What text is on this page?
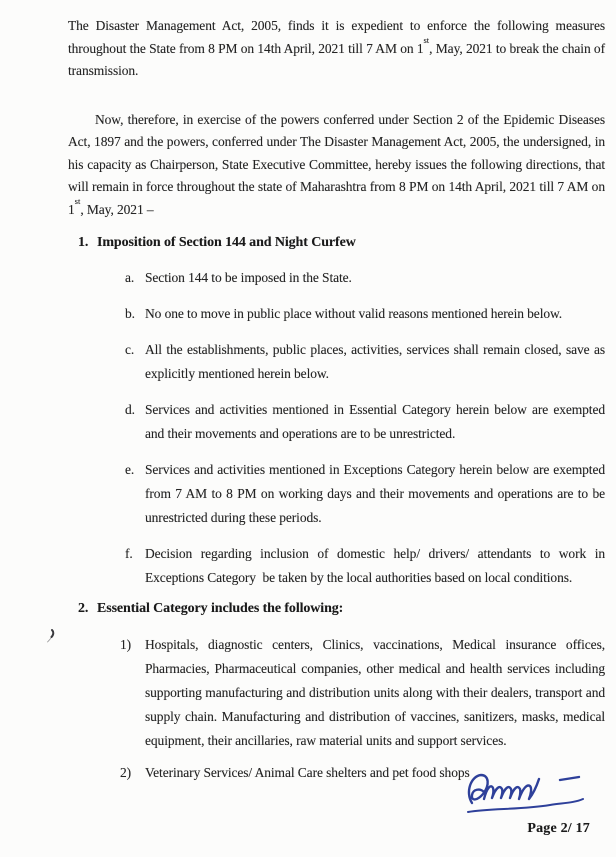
The Disaster Management Act, 2005, finds it is expedient to enforce the following measures throughout the State from 8 PM on 14th April, 2021 till 7 AM on 1st, May, 2021 to break the chain of transmission.

Now, therefore, in exercise of the powers conferred under Section 2 of the Epidemic Diseases Act, 1897 and the powers, conferred under The Disaster Management Act, 2005, the undersigned, in his capacity as Chairperson, State Executive Committee, hereby issues the following directions, that will remain in force throughout the state of Maharashtra from 8 PM on 14th April, 2021 till 7 AM on 1st, May, 2021 –

1. Imposition of Section 144 and Night Curfew
a. Section 144 to be imposed in the State.
b. No one to move in public place without valid reasons mentioned herein below.
c. All the establishments, public places, activities, services shall remain closed, save as explicitly mentioned herein below.
d. Services and activities mentioned in Essential Category herein below are exempted and their movements and operations are to be unrestricted.
e. Services and activities mentioned in Exceptions Category herein below are exempted from 7 AM to 8 PM on working days and their movements and operations are to be unrestricted during these periods.
f. Decision regarding inclusion of domestic help/ drivers/ attendants to work in Exceptions Category  be taken by the local authorities based on local conditions.
2. Essential Category includes the following:
1)	Hospitals, diagnostic centers, Clinics, vaccinations, Medical insurance offices, Pharmacies, Pharmaceutical companies, other medical and health services including supporting manufacturing and distribution units along with their dealers, transport and supply chain. Manufacturing and distribution of vaccines, sanitizers, masks, medical equipment, their ancillaries, raw material units and support services.
2)	Veterinary Services/ Animal Care shelters and pet food shops
Page 2/ 17
